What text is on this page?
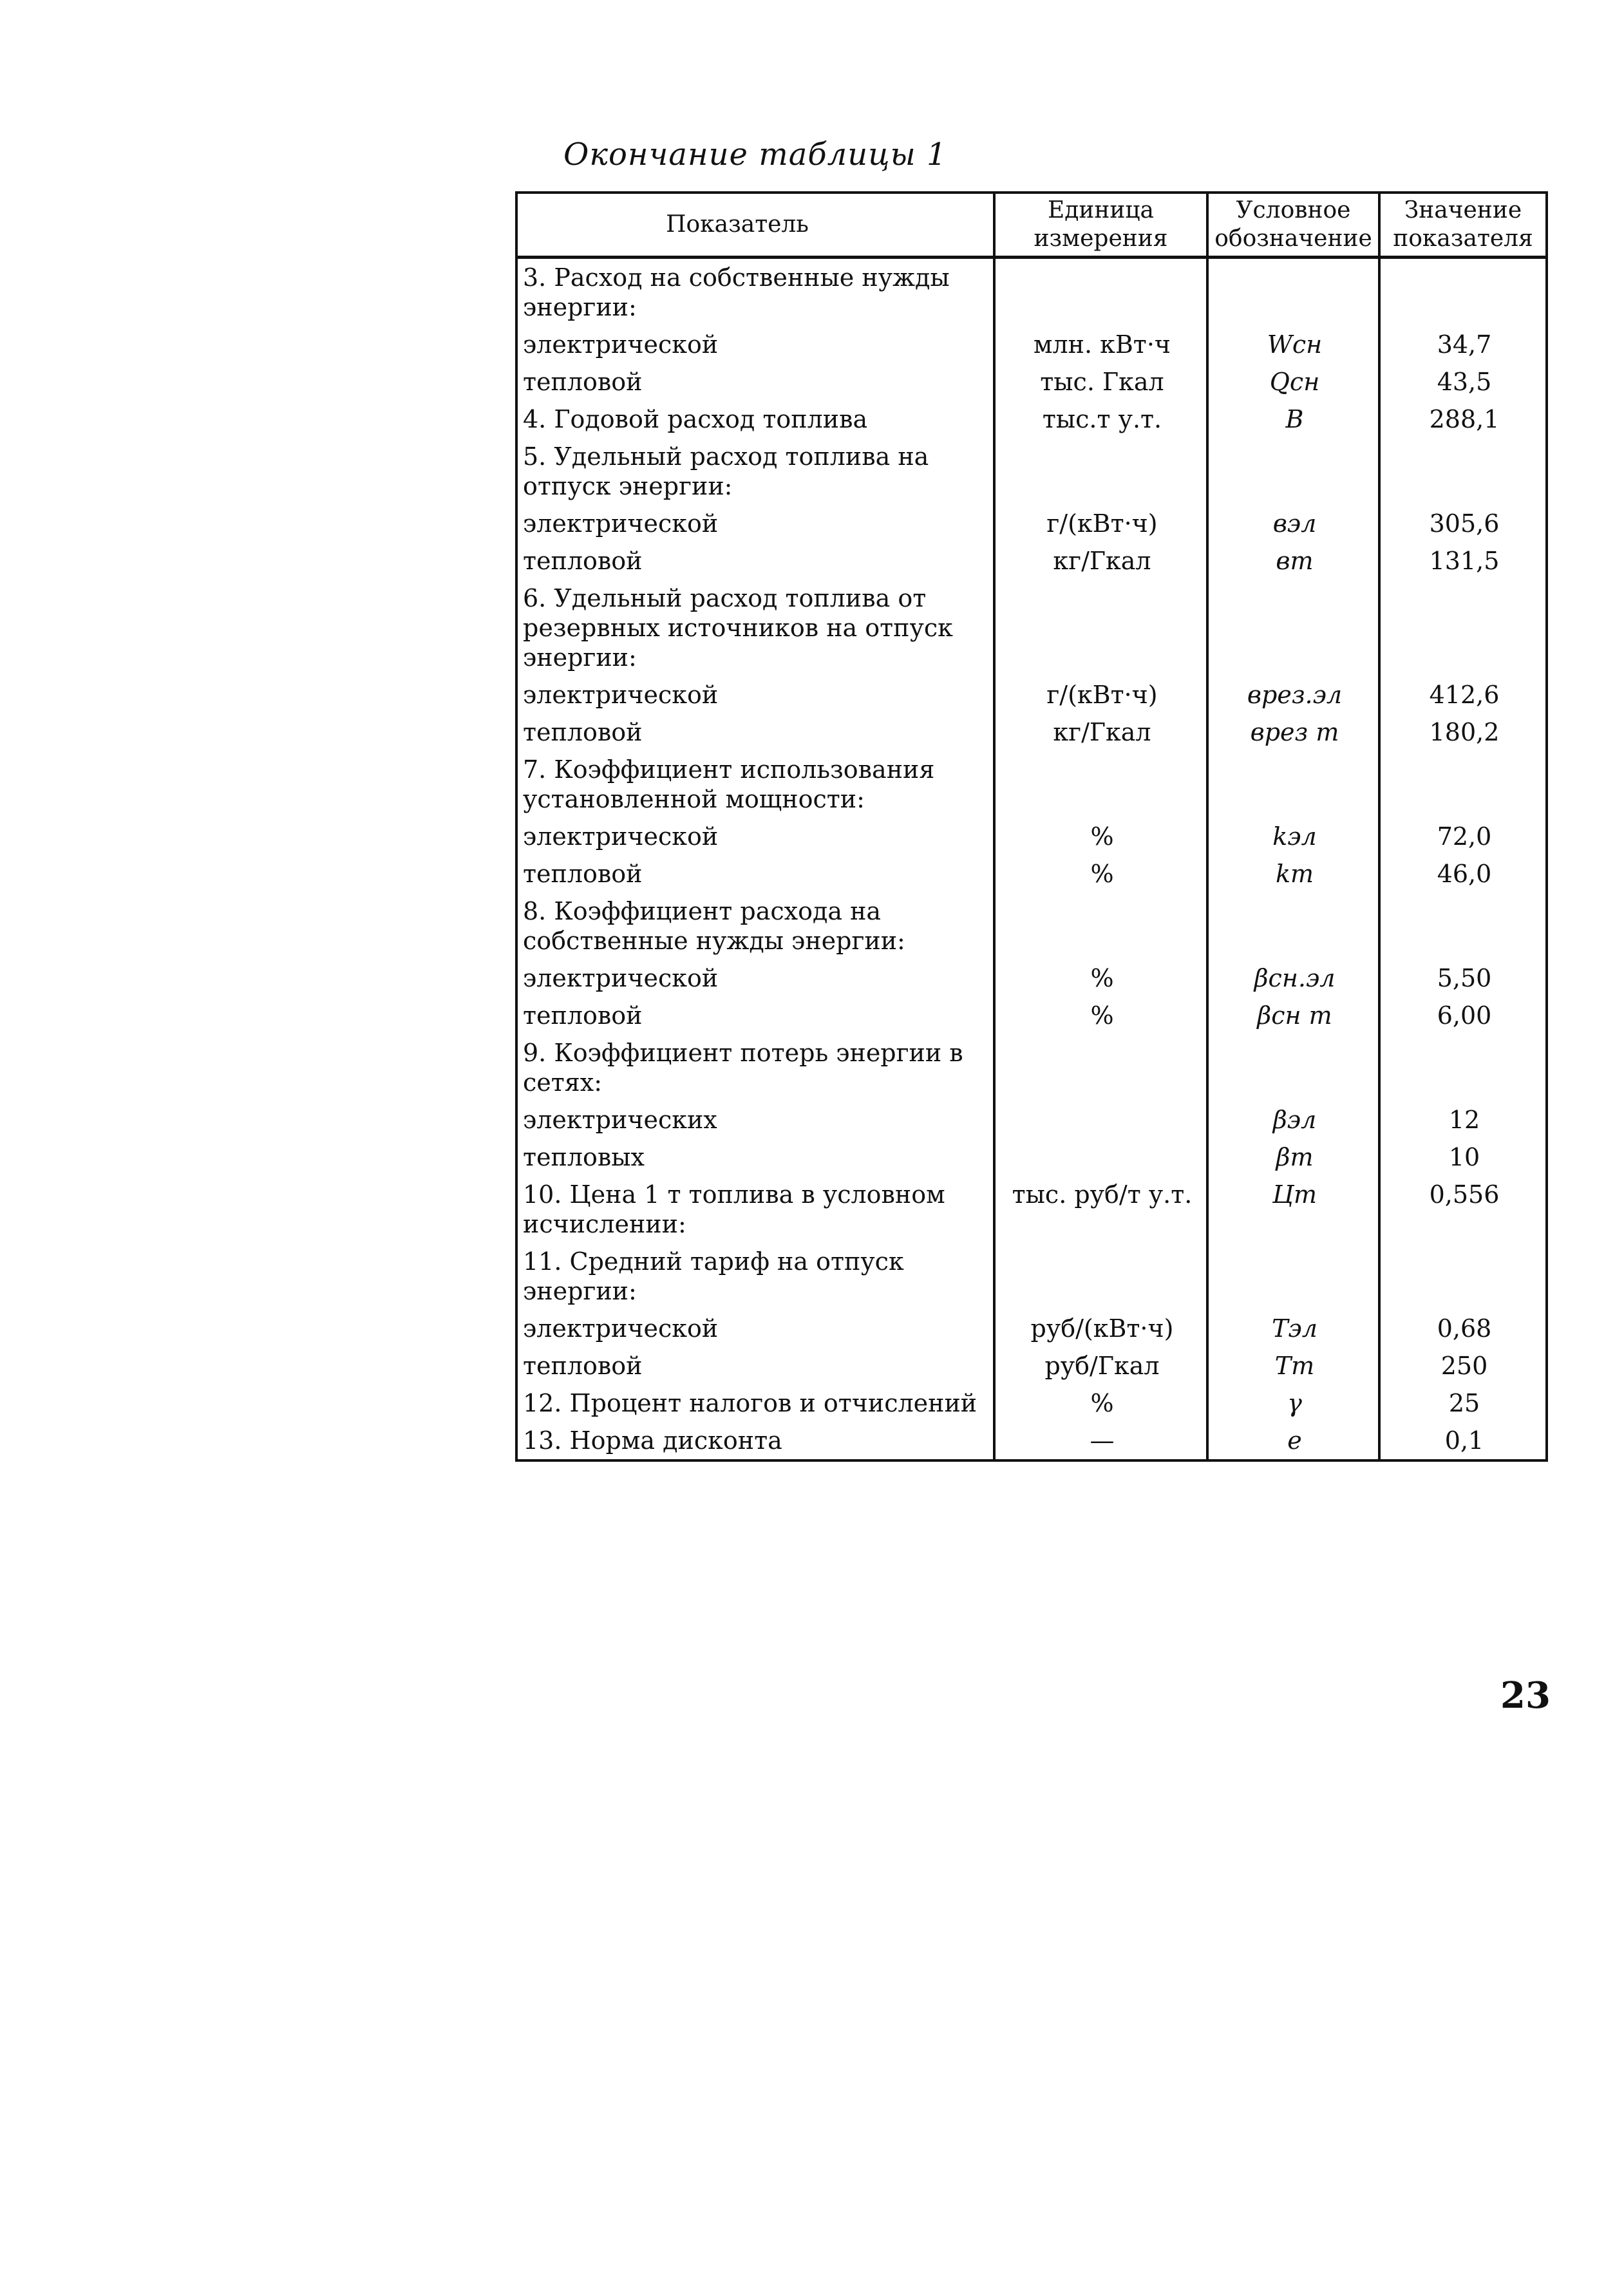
Окончание таблицы 1
Показатель	Единица измерения	Условное обозначение	Значение показателя
3. Расход на собственные нужды энергии:			
электрической	млн. кВт·ч	Wсн	34,7
тепловой	тыс. Гкал	Qсн	43,5
4. Годовой расход топлива	тыс.т у.т.	B	288,1
5. Удельный расход топлива на отпуск энергии:			
электрической	г/(кВт·ч)	вэл	305,6
тепловой	кг/Гкал	вт	131,5
6. Удельный расход топлива от резервных источников на отпуск энергии:			
электрической	г/(кВт·ч)	врез.эл	412,6
тепловой	кг/Гкал	врез т	180,2
7. Коэффициент использования установленной мощности:			
электрической	%	kэл	72,0
тепловой	%	kт	46,0
8. Коэффициент расхода на собственные нужды энергии:			
электрической	%	βсн.эл	5,50
тепловой	%	βсн т	6,00
9. Коэффициент потерь энергии в сетях:			
электрических		βэл	12
тепловых		βт	10
10. Цена 1 т топлива в условном исчислении:	тыс. руб/т у.т.	Цт	0,556
11. Средний тариф на отпуск энергии:			
электрической	руб/(кВт·ч)	Тэл	0,68
тепловой	руб/Гкал	Тт	250
12. Процент налогов и отчислений	%	γ	25
13. Норма дисконта	—	e	0,1
23
